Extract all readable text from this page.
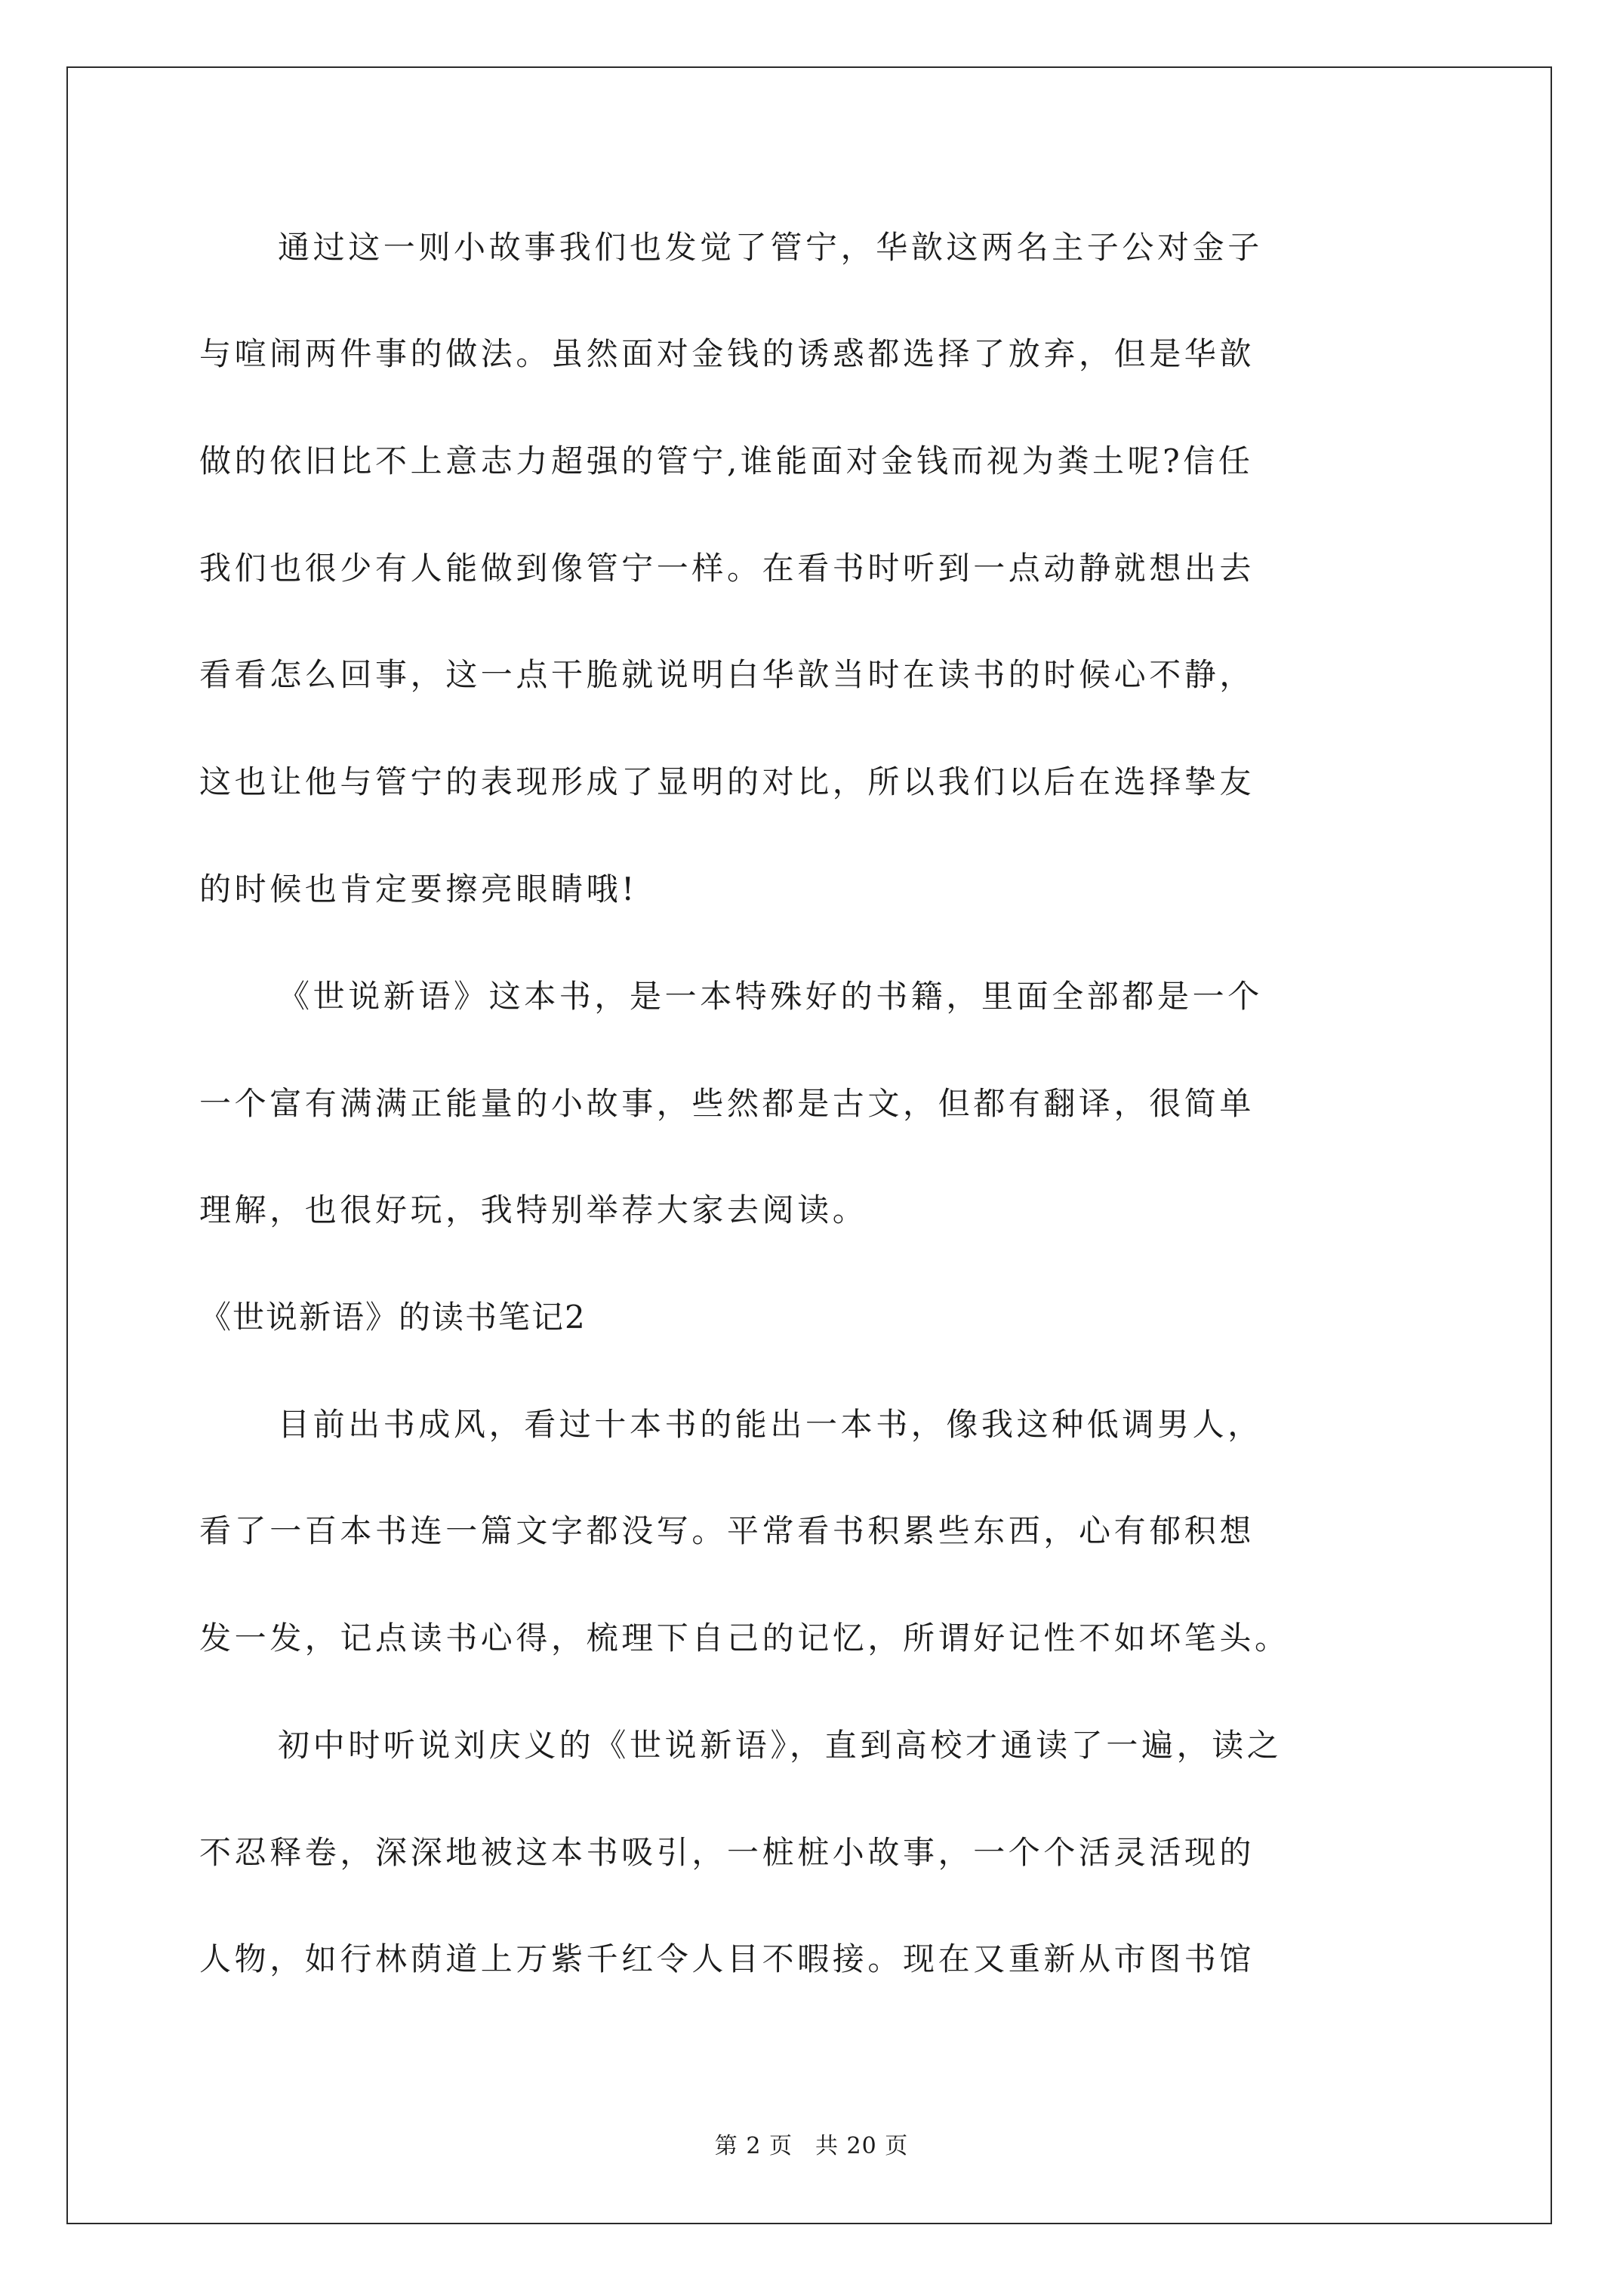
通过这一则小故事我们也发觉了管宁，华歆这两名主子公对金子
与喧闹两件事的做法。虽然面对金钱的诱惑都选择了放弃，但是华歆
做的依旧比不上意志力超强的管宁,谁能面对金钱而视为粪土呢?信任
我们也很少有人能做到像管宁一样。在看书时听到一点动静就想出去
看看怎么回事，这一点干脆就说明白华歆当时在读书的时候心不静，
这也让他与管宁的表现形成了显明的对比，所以我们以后在选择挚友
的时候也肯定要擦亮眼睛哦!
《世说新语》这本书，是一本特殊好的书籍，里面全部都是一个
一个富有满满正能量的小故事，些然都是古文，但都有翻译，很简单
理解，也很好玩，我特别举荐大家去阅读。
《世说新语》的读书笔记2
目前出书成风，看过十本书的能出一本书，像我这种低调男人，
看了一百本书连一篇文字都没写。平常看书积累些东西，心有郁积想
发一发，记点读书心得，梳理下自己的记忆，所谓好记性不如坏笔头。
初中时听说刘庆义的《世说新语》，直到高校才通读了一遍，读之
不忍释卷，深深地被这本书吸引，一桩桩小故事，一个个活灵活现的
人物，如行林荫道上万紫千红令人目不暇接。现在又重新从市图书馆
第 2 页 共 20 页
